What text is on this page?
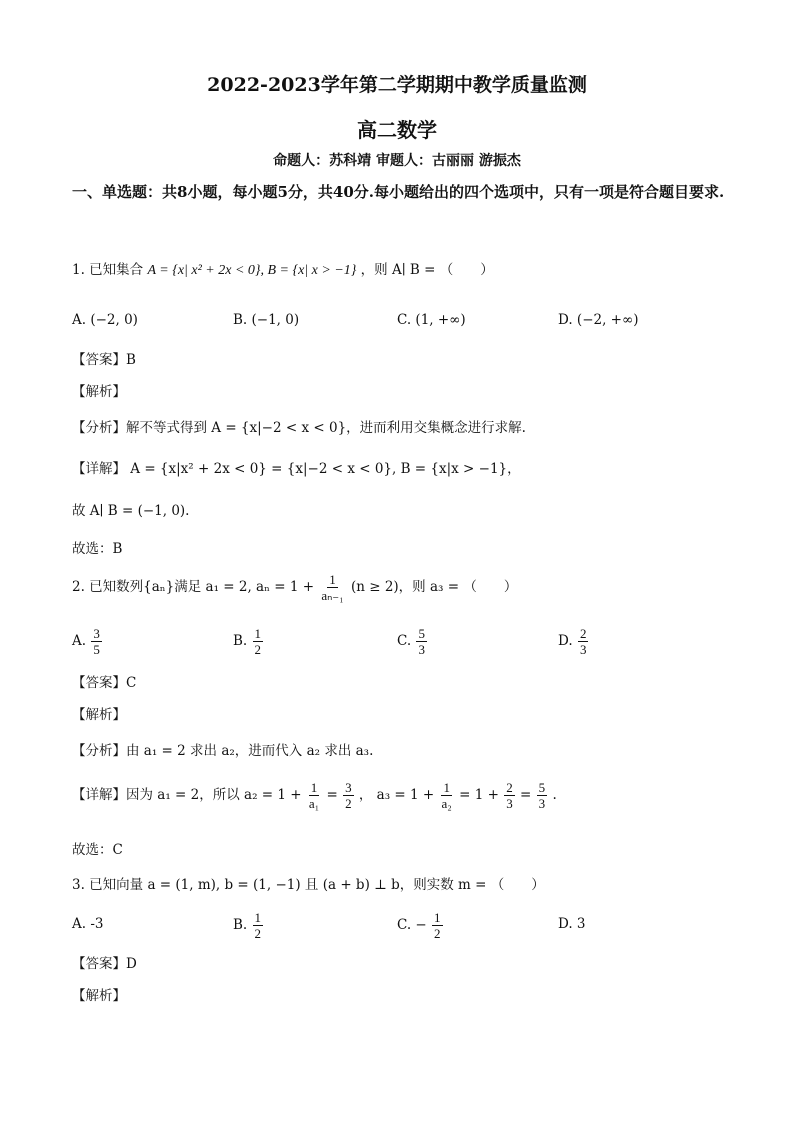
2022-2023学年第二学期期中教学质量监测
高二数学
命题人：苏科靖 审题人：古丽丽 游振杰
一、单选题：共8小题，每小题5分，共40分.每小题给出的四个选项中，只有一项是符合题目要求.
1. 已知集合 A = {x| x² + 2x < 0}, B = {x| x > −1} ，则 A∣ B = （　　）
A. (−2, 0)	B. (−1, 0)	C. (1, +∞)	D. (−2, +∞)
【答案】B
【解析】
【分析】解不等式得到 A = {x|−2 < x < 0}，进而利用交集概念进行求解.
【详解】 A = {x|x² + 2x < 0} = {x|−2 < x < 0}, B = {x|x > −1}，
故 A∣ B = (−1, 0).
故选：B
2. 已知数列{aₙ}满足 a₁ = 2, $a_n = 1 + \frac{1}{\text{aₙ₋₁}} (n \ge 2)$，则 a₃ = （　　）
A. $\frac{3}{5}$	B. $\frac{1}{2}$	C. $\frac{5}{3}$	D. $\frac{2}{3}$
【答案】C
【解析】
【分析】由 a₁ = 2 求出 a₂，进而代入 a₂ 求出 a₃.
【详解】因为 a₁ = 2，所以 $a_2 = 1 + \frac{1}{\text{a₁}} = \frac{3}{2}$ ， $a_3 = 1 + \frac{1}{\text{a₂}} = 1 + \frac{2}{3} = \frac{5}{3}$ .
故选：C
3. 已知向量 a = (1, m), b = (1, −1) 且 (a + b) ⊥ b，则实数 m = （　　）
A. -3	B. $\frac{1}{2}$	C. − $\frac{1}{2}$	D. 3
【答案】D
【解析】
